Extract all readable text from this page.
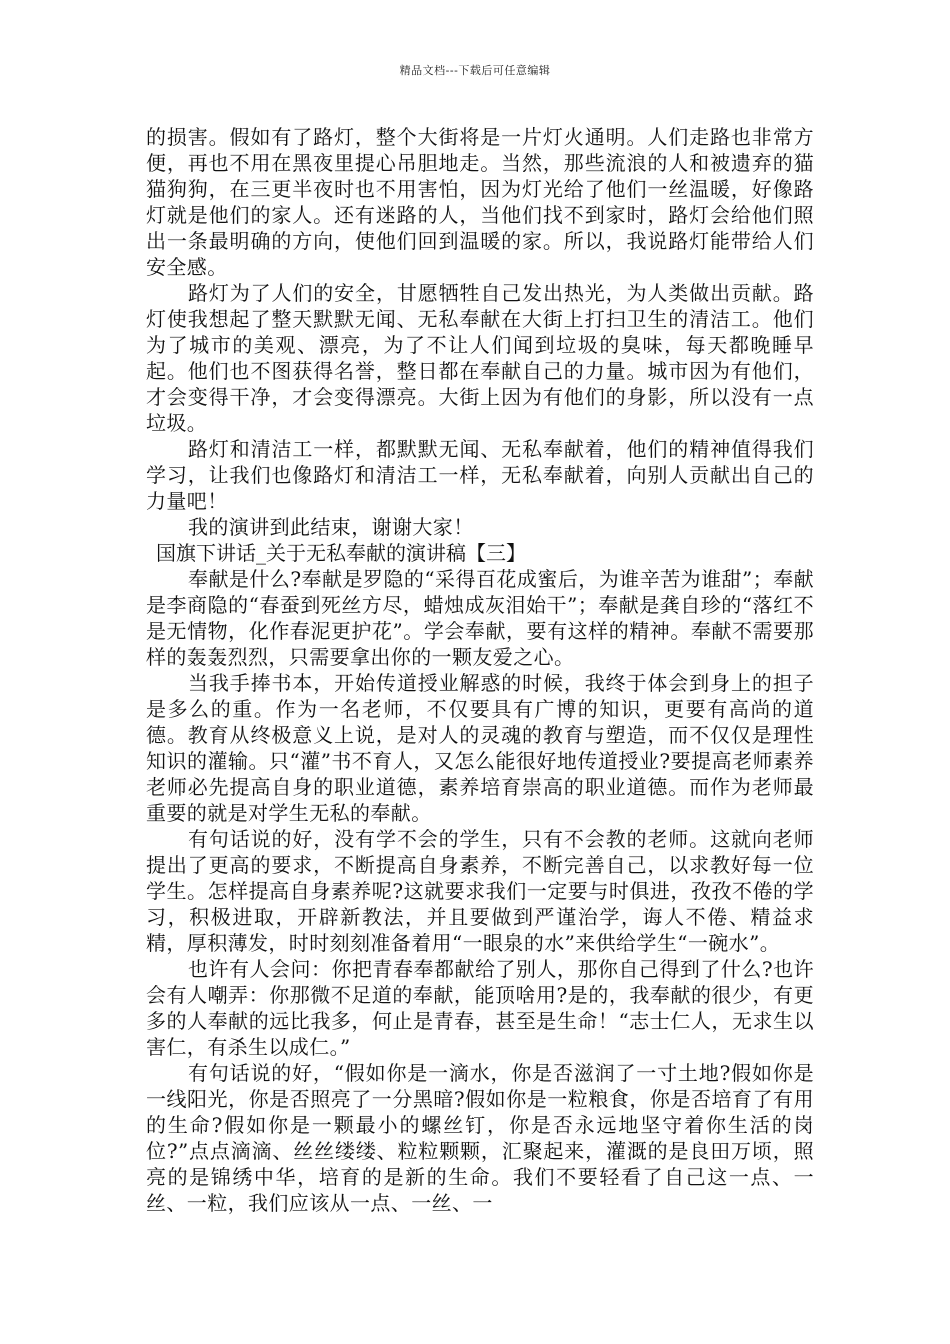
精品文档---下载后可任意编辑

的损害。假如有了路灯，整个大街将是一片灯火通明。人们走路也非常方便，再也不用在黑夜里提心吊胆地走。当然，那些流浪的人和被遗弃的猫猫狗狗，在三更半夜时也不用害怕，因为灯光给了他们一丝温暖，好像路灯就是他们的家人。还有迷路的人，当他们找不到家时，路灯会给他们照出一条最明确的方向，使他们回到温暖的家。所以，我说路灯能带给人们安全感。

路灯为了人们的安全，甘愿牺牲自己发出热光，为人类做出贡献。路灯使我想起了整天默默无闻、无私奉献在大街上打扫卫生的清洁工。他们为了城市的美观、漂亮，为了不让人们闻到垃圾的臭味，每天都晚睡早起。他们也不图获得名誉，整日都在奉献自己的力量。城市因为有他们，才会变得干净，才会变得漂亮。大街上因为有他们的身影，所以没有一点垃圾。

路灯和清洁工一样，都默默无闻、无私奉献着，他们的精神值得我们学习，让我们也像路灯和清洁工一样，无私奉献着，向别人贡献出自己的力量吧！

我的演讲到此结束，谢谢大家！

国旗下讲话_关于无私奉献的演讲稿【三】

奉献是什么?奉献是罗隐的“采得百花成蜜后，为谁辛苦为谁甜”；奉献是李商隐的“春蚕到死丝方尽，蜡烛成灰泪始干”；奉献是龚自珍的“落红不是无情物，化作春泥更护花”。学会奉献，要有这样的精神。奉献不需要那样的轰轰烈烈，只需要拿出你的一颗友爱之心。

当我手捧书本，开始传道授业解惑的时候，我终于体会到身上的担子是多么的重。作为一名老师，不仅要具有广博的知识，更要有高尚的道德。教育从终极意义上说，是对人的灵魂的教育与塑造，而不仅仅是理性知识的灌输。只“灌”书不育人，又怎么能很好地传道授业?要提高老师素养老师必先提高自身的职业道德，素养培育崇高的职业道德。而作为老师最重要的就是对学生无私的奉献。

有句话说的好，没有学不会的学生，只有不会教的老师。这就向老师提出了更高的要求，不断提高自身素养，不断完善自己，以求教好每一位学生。怎样提高自身素养呢?这就要求我们一定要与时俱进，孜孜不倦的学习，积极进取，开辟新教法，并且要做到严谨治学，诲人不倦、精益求精，厚积薄发，时时刻刻准备着用“一眼泉的水”来供给学生“一碗水”。

也许有人会问：你把青春奉都献给了别人，那你自己得到了什么?也许会有人嘲弄：你那微不足道的奉献，能顶啥用?是的，我奉献的很少，有更多的人奉献的远比我多，何止是青春，甚至是生命！“志士仁人，无求生以害仁，有杀生以成仁。”

有句话说的好，“假如你是一滴水，你是否滋润了一寸土地?假如你是一线阳光，你是否照亮了一分黑暗?假如你是一粒粮食，你是否培育了有用的生命?假如你是一颗最小的螺丝钉，你是否永远地坚守着你生活的岗位?”点点滴滴、丝丝缕缕、粒粒颗颗，汇聚起来，灌溉的是良田万顷，照亮的是锦绣中华，培育的是新的生命。我们不要轻看了自己这一点、一丝、一粒，我们应该从一点、一丝、一
